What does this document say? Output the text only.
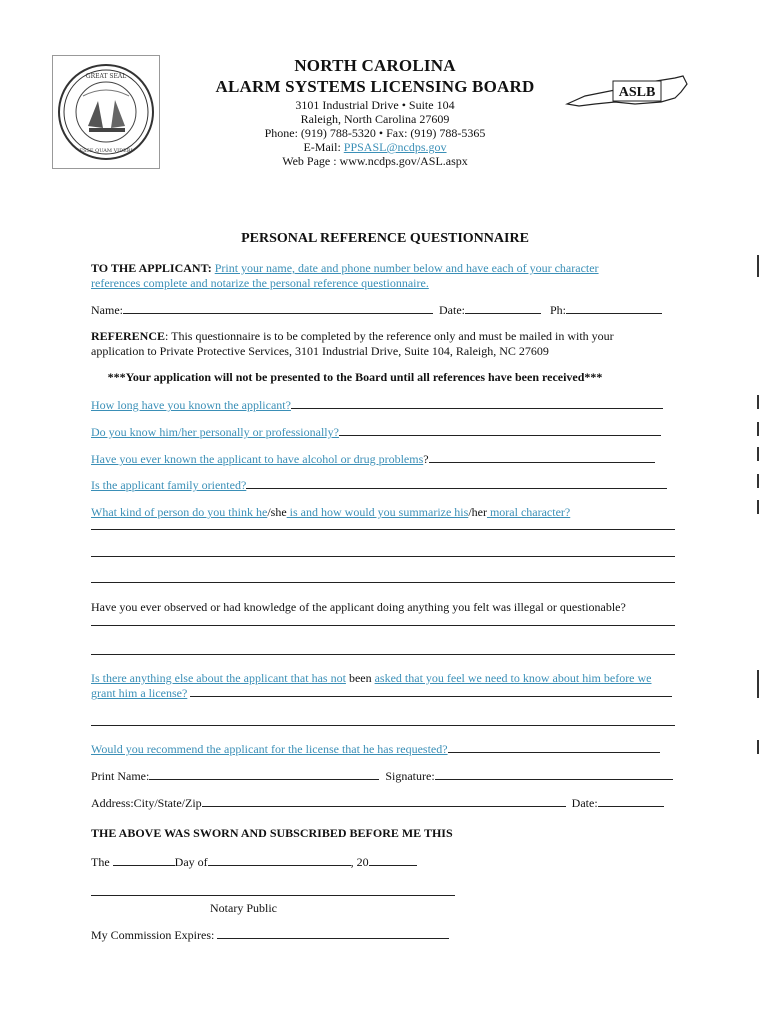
GREAT SEAL
ESSE QUAM VIDERI
NORTH CAROLINA
ALARM SYSTEMS LICENSING BOARD
3101 Industrial Drive • Suite 104
Raleigh, North Carolina 27609
Phone: (919) 788-5320 • Fax: (919) 788-5365
E-Mail: PPSASL@ncdps.gov
Web Page : www.ncdps.gov/ASL.aspx
ASLB
PERSONAL REFERENCE QUESTIONNAIRE
TO THE APPLICANT: Print your name, date and phone number below and have each of your character
references complete and notarize the personal reference questionnaire.
Name:	Date:	Ph:
REFERENCE: This questionnaire is to be completed by the reference only and must be mailed in with your
application to Private Protective Services, 3101 Industrial Drive, Suite 104, Raleigh, NC 27609
***Your application will not be presented to the Board until all references have been received***
How long have you known the applicant?
Do you know him/her personally or professionally?
Have you ever known the applicant to have alcohol or drug problems?
Is the applicant family oriented?
What kind of person do you think he/she is and how would you summarize his/her moral character?
Have you ever observed or had knowledge of the applicant doing anything you felt was illegal or questionable?
Is there anything else about the applicant that has not been asked that you feel we need to know about him before we
grant him a license?
Would you recommend the applicant for the license that he has requested?
Print Name:	Signature:
Address:City/State/Zip	Date:
THE ABOVE WAS SWORN AND SUBSCRIBED BEFORE ME THIS
The	Day of	, 20
Notary Public
My Commission Expires:
